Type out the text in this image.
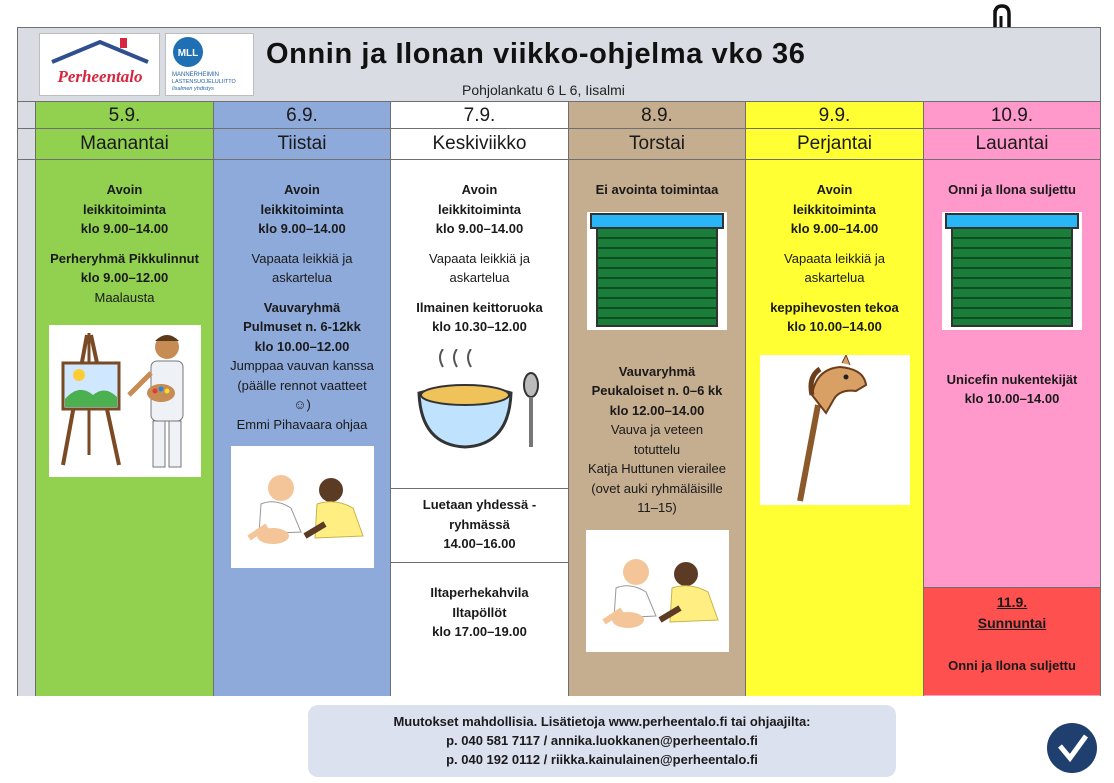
Perheentalo
MLL
MANNERHEIMIN
LASTENSUOJELULIITTO
Iisalmen yhdistys
Onnin ja Ilonan viikko-ohjelma vko 36
Pohjolankatu 6 L 6, Iisalmi
5.9.
Maanantai
Avoin
leikkitoiminta
klo 9.00–14.00
Perheryhmä Pikkulinnut
klo 9.00–12.00
Maalausta
6.9.
Tiistai
Avoin
leikkitoiminta
klo 9.00–14.00
Vapaata leikkiä ja
askartelua
Vauvaryhmä
Pulmuset n. 6-12kk
klo 10.00–12.00
Jumppaa vauvan kanssa
(päälle rennot vaatteet
☺)
Emmi Pihavaara ohjaa
7.9.
Keskiviikko
Avoin
leikkitoiminta
klo 9.00–14.00
Vapaata leikkiä ja
askartelua
Ilmainen keittoruoka
klo 10.30–12.00
Luetaan yhdessä -
ryhmässä
14.00–16.00
Iltaperhekahvila
Iltapöllöt
klo 17.00–19.00
8.9.
Torstai
Ei avointa toimintaa
Vauvaryhmä
Peukaloiset n. 0–6 kk
klo 12.00–14.00
Vauva ja veteen
totuttelu
Katja Huttunen vierailee
(ovet auki ryhmäläisille
11–15)
9.9.
Perjantai
Avoin
leikkitoiminta
klo 9.00–14.00
Vapaata leikkiä ja
askartelua
keppihevosten tekoa
klo 10.00–14.00
10.9.
Lauantai
Onni ja Ilona suljettu
Unicefin nukentekijät
klo 10.00–14.00
11.9.
Sunnuntai
Onni ja Ilona suljettu
Muutokset mahdollisia. Lisätietoja www.perheentalo.fi tai ohjaajilta:
p. 040 581 7117 / annika.luokkanen@perheentalo.fi
p. 040 192 0112 / riikka.kainulainen@perheentalo.fi
